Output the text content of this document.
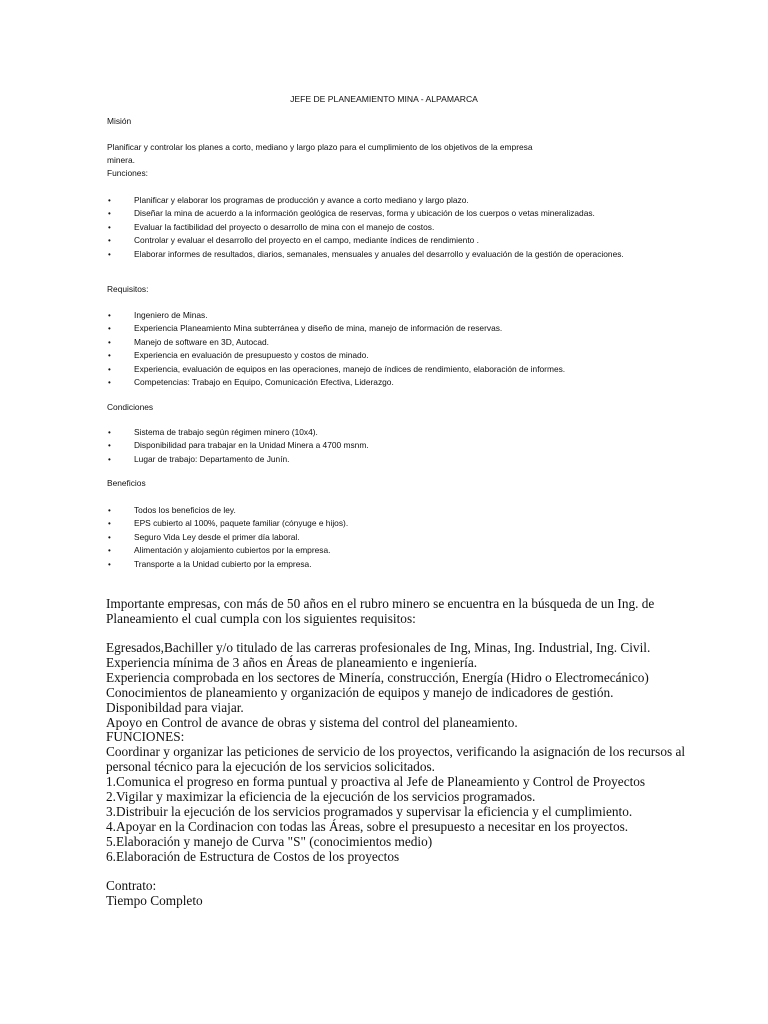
JEFE DE PLANEAMIENTO MINA - ALPAMARCA
Misión
Planificar y controlar los planes a corto, mediano y largo plazo para el cumplimiento de los objetivos de la empresa
minera.
Funciones:
•	Planificar y elaborar los programas de producción y avance a corto mediano y largo plazo.
•	Diseñar la mina de acuerdo a la información geológica de reservas, forma y ubicación de los cuerpos o vetas mineralizadas.
•	Evaluar la factibilidad del proyecto o desarrollo de mina con el manejo de costos.
•	Controlar y evaluar el desarrollo del proyecto en el campo, mediante índices de rendimiento .
•	Elaborar informes de resultados, diarios, semanales, mensuales y anuales del desarrollo y evaluación de la gestión de operaciones.
Requisitos:
•	Ingeniero de Minas.
•	Experiencia Planeamiento Mina subterránea y diseño de mina, manejo de información de reservas.
•	Manejo de software en 3D, Autocad.
•	Experiencia en evaluación de presupuesto y costos de minado.
•	Experiencia, evaluación de equipos en las operaciones, manejo de índices de rendimiento, elaboración de informes.
•	Competencias: Trabajo en Equipo, Comunicación Efectiva, Liderazgo.
Condiciones
•	Sistema de trabajo según régimen minero (10x4).
•	Disponibilidad para trabajar en la Unidad Minera a 4700 msnm.
•	Lugar de trabajo: Departamento de Junín.
Beneficios
•	Todos los beneficios de ley.
•	EPS cubierto al 100%, paquete familiar (cónyuge e hijos).
•	Seguro Vida Ley desde el primer día laboral.
•	Alimentación y alojamiento cubiertos por la empresa.
•	Transporte a la Unidad cubierto por la empresa.
Importante empresas, con más de 50 años en el rubro minero se encuentra en la búsqueda de un Ing. de
Planeamiento el cual cumpla con los siguientes requisitos:
Egresados,Bachiller y/o titulado de las carreras profesionales de Ing, Minas, Ing. Industrial, Ing. Civil.
Experiencia mínima de 3 años en Áreas de planeamiento e ingeniería.
Experiencia comprobada en los sectores de Minería, construcción, Energía (Hidro o Electromecánico)
Conocimientos de planeamiento y organización de equipos y manejo de indicadores de gestión.
Disponibildad para viajar.
Apoyo en Control de avance de obras y sistema del control del planeamiento.
FUNCIONES:
Coordinar y organizar las peticiones de servicio de los proyectos, verificando la asignación de los recursos al
personal técnico para la ejecución de los servicios solicitados.
1.Comunica el progreso en forma puntual y proactiva al Jefe de Planeamiento y Control de Proyectos
2.Vigilar y maximizar la eficiencia de la ejecución de los servicios programados.
3.Distribuir la ejecución de los servicios programados y supervisar la eficiencia y el cumplimiento.
4.Apoyar en la Cordinacion con todas las Áreas, sobre el presupuesto a necesitar en los proyectos.
5.Elaboración y manejo de Curva "S" (conocimientos medio)
6.Elaboración de Estructura de Costos de los proyectos
Contrato:
Tiempo Completo
